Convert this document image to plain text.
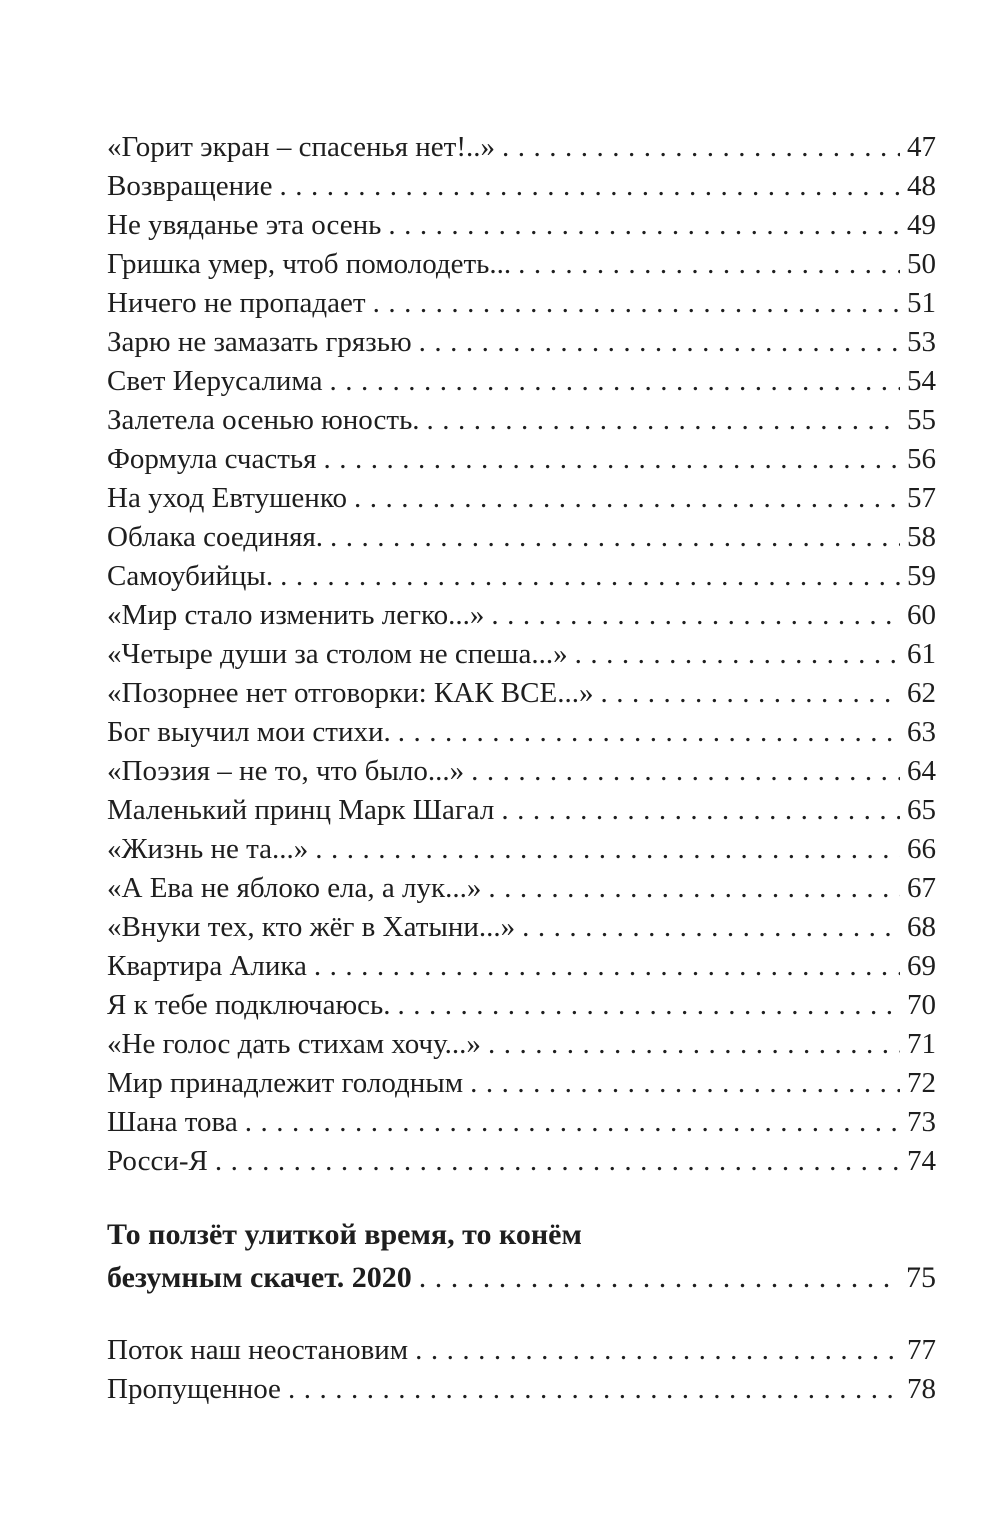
«Горит экран – спасенья нет!..» .....	47
Возвращение .....	48
Не увяданье эта осень .....	49
Гришка умер, чтоб помолодеть... .....	50
Ничего не пропадает .....	51
Зарю не замазать грязью .....	53
Свет Иерусалима .....	54
Залетела осенью юность. .....	55
Формула счастья .....	56
На уход Евтушенко .....	57
Облака соединяя. .....	58
Самоубийцы. .....	59
«Мир стало изменить легко...» .....	60
«Четыре души за столом не спеша...» .....	61
«Позорнее нет отговорки: КАК ВСЕ...» .....	62
Бог выучил мои стихи. .....	63
«Поэзия – не то, что было...» .....	64
Маленький принц Марк Шагал .....	65
«Жизнь не та...» .....	66
«А Ева не яблоко ела, а лук...» .....	67
«Внуки тех, кто жёг в Хатыни...» .....	68
Квартира Алика .....	69
Я к тебе подключаюсь. .....	70
«Не голос дать стихам хочу...» .....	71
Мир принадлежит голодным .....	72
Шана това .....	73
Росси-Я .....	74
То ползёт улиткой время, то конём
безумным скачет. 2020 .....	75
Поток наш неостановим .....	77
Пропущенное .....	78
